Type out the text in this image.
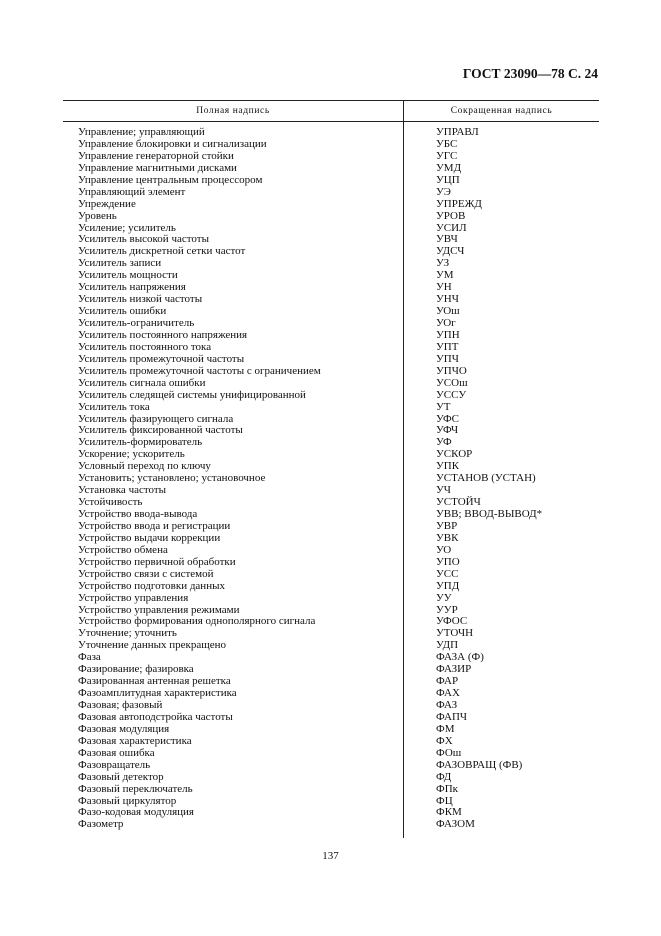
ГОСТ 23090—78 С. 24
Полная надпись	Сокращенная надпись
Управление; управляющий	УПРАВЛ
Управление блокировки и сигнализации	УБС
Управление генераторной стойки	УГС
Управление магнитными дисками	УМД
Управление центральным процессором	УЦП
Управляющий элемент	УЭ
Упреждение	УПРЕЖД
Уровень	УРОВ
Усиление; усилитель	УСИЛ
Усилитель высокой частоты	УВЧ
Усилитель дискретной сетки частот	УДСЧ
Усилитель записи	УЗ
Усилитель мощности	УМ
Усилитель напряжения	УН
Усилитель низкой частоты	УНЧ
Усилитель ошибки	УОш
Усилитель-ограничитель	УОг
Усилитель постоянного напряжения	УПН
Усилитель постоянного тока	УПТ
Усилитель промежуточной частоты	УПЧ
Усилитель промежуточной частоты с ограничением	УПЧО
Усилитель сигнала ошибки	УСОш
Усилитель следящей системы унифицированной	УССУ
Усилитель тока	УТ
Усилитель фазирующего сигнала	УФС
Усилитель фиксированной частоты	УФЧ
Усилитель-формирователь	УФ
Ускорение; ускоритель	УСКОР
Условный переход по ключу	УПК
Установить; установлено; установочное	УСТАНОВ (УСТАН)
Установка частоты	УЧ
Устойчивость	УСТОЙЧ
Устройство ввода-вывода	УВВ; ВВОД-ВЫВОД*
Устройство ввода и регистрации	УВР
Устройство выдачи коррекции	УВК
Устройство обмена	УО
Устройство первичной обработки	УПО
Устройство связи с системой	УСС
Устройство подготовки данных	УПД
Устройство управления	УУ
Устройство управления режимами	УУР
Устройство формирования однополярного сигнала	УФОС
Уточнение; уточнить	УТОЧН
Уточнение данных прекращено	УДП
Фаза	ФАЗА (Ф)
Фазирование; фазировка	ФАЗИР
Фазированная антенная решетка	ФАР
Фазоамплитудная характеристика	ФАХ
Фазовая; фазовый	ФАЗ
Фазовая автоподстройка частоты	ФАПЧ
Фазовая модуляция	ФМ
Фазовая характеристика	ФХ
Фазовая ошибка	ФОш
Фазовращатель	ФАЗОВРАЩ (ФВ)
Фазовый детектор	ФД
Фазовый переключатель	ФПк
Фазовый циркулятор	ФЦ
Фазо-кодовая модуляция	ФКМ
Фазометр	ФАЗОМ
137
